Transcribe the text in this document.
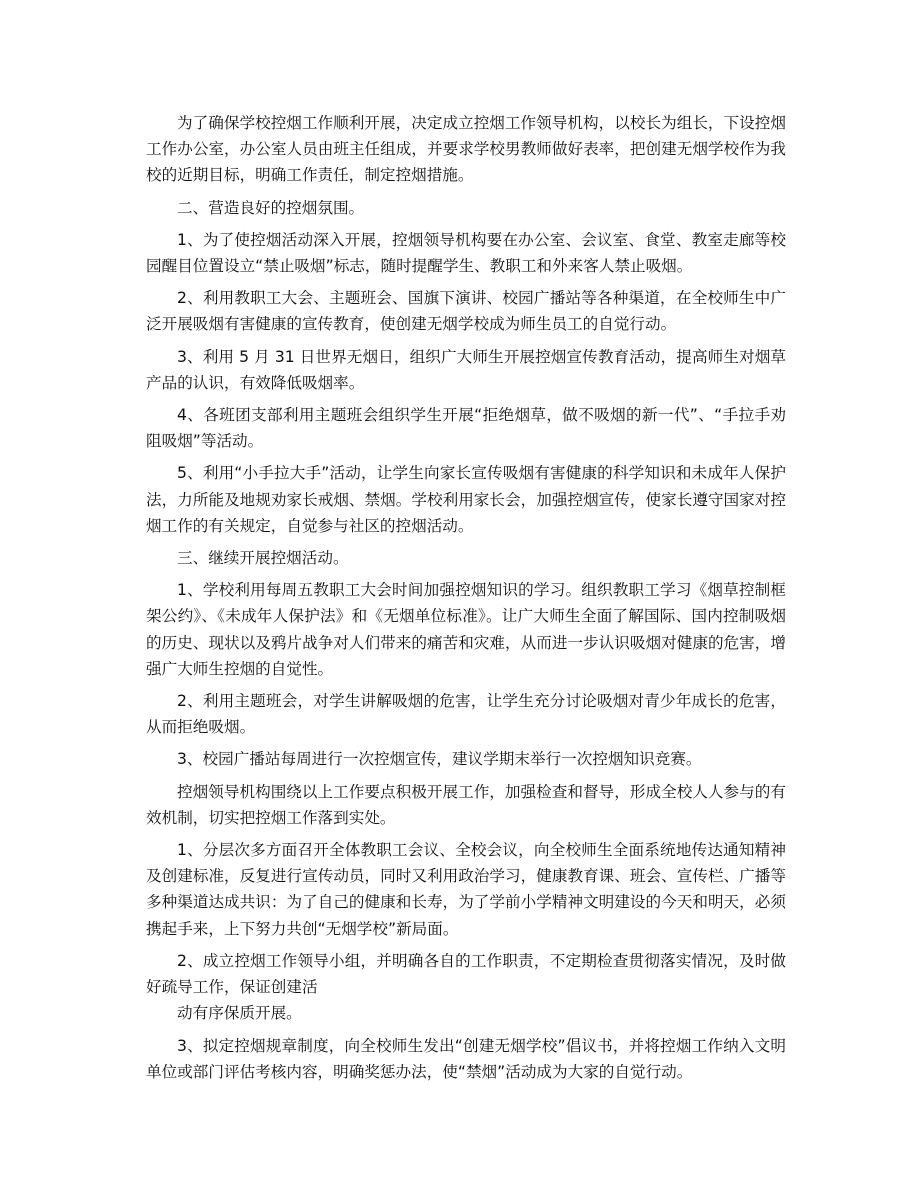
为了确保学校控烟工作顺利开展，决定成立控烟工作领导机构，以校长为组长，下设控烟工作办公室，办公室人员由班主任组成，并要求学校男教师做好表率，把创建无烟学校作为我校的近期目标，明确工作责任，制定控烟措施。

二、营造良好的控烟氛围。

1、为了使控烟活动深入开展，控烟领导机构要在办公室、会议室、食堂、教室走廊等校园醒目位置设立“禁止吸烟”标志，随时提醒学生、教职工和外来客人禁止吸烟。

2、利用教职工大会、主题班会、国旗下演讲、校园广播站等各种渠道，在全校师生中广泛开展吸烟有害健康的宣传教育，使创建无烟学校成为师生员工的自觉行动。

3、利用 5 月 31 日世界无烟日，组织广大师生开展控烟宣传教育活动，提高师生对烟草产品的认识，有效降低吸烟率。

4、各班团支部利用主题班会组织学生开展“拒绝烟草，做不吸烟的新一代”、“手拉手劝阻吸烟”等活动。

5、利用“小手拉大手”活动，让学生向家长宣传吸烟有害健康的科学知识和未成年人保护法，力所能及地规劝家长戒烟、禁烟。学校利用家长会，加强控烟宣传，使家长遵守国家对控烟工作的有关规定，自觉参与社区的控烟活动。

三、继续开展控烟活动。

1、学校利用每周五教职工大会时间加强控烟知识的学习。组织教职工学习《烟草控制框架公约》、《未成年人保护法》和《无烟单位标准》。让广大师生全面了解国际、国内控制吸烟的历史、现状以及鸦片战争对人们带来的痛苦和灾难，从而进一步认识吸烟对健康的危害，增强广大师生控烟的自觉性。

2、利用主题班会，对学生讲解吸烟的危害，让学生充分讨论吸烟对青少年成长的危害，从而拒绝吸烟。

3、校园广播站每周进行一次控烟宣传，建议学期末举行一次控烟知识竞赛。

控烟领导机构围绕以上工作要点积极开展工作，加强检查和督导，形成全校人人参与的有效机制，切实把控烟工作落到实处。

1、分层次多方面召开全体教职工会议、全校会议，向全校师生全面系统地传达通知精神及创建标准，反复进行宣传动员，同时又利用政治学习，健康教育课、班会、宣传栏、广播等多种渠道达成共识：为了自己的健康和长寿，为了学前小学精神文明建设的今天和明天，必须携起手来，上下努力共创“无烟学校”新局面。

2、成立控烟工作领导小组，并明确各自的工作职责，不定期检查贯彻落实情况，及时做好疏导工作，保证创建活

动有序保质开展。

3、拟定控烟规章制度，向全校师生发出“创建无烟学校”倡议书，并将控烟工作纳入文明单位或部门评估考核内容，明确奖惩办法，使“禁烟”活动成为大家的自觉行动。
